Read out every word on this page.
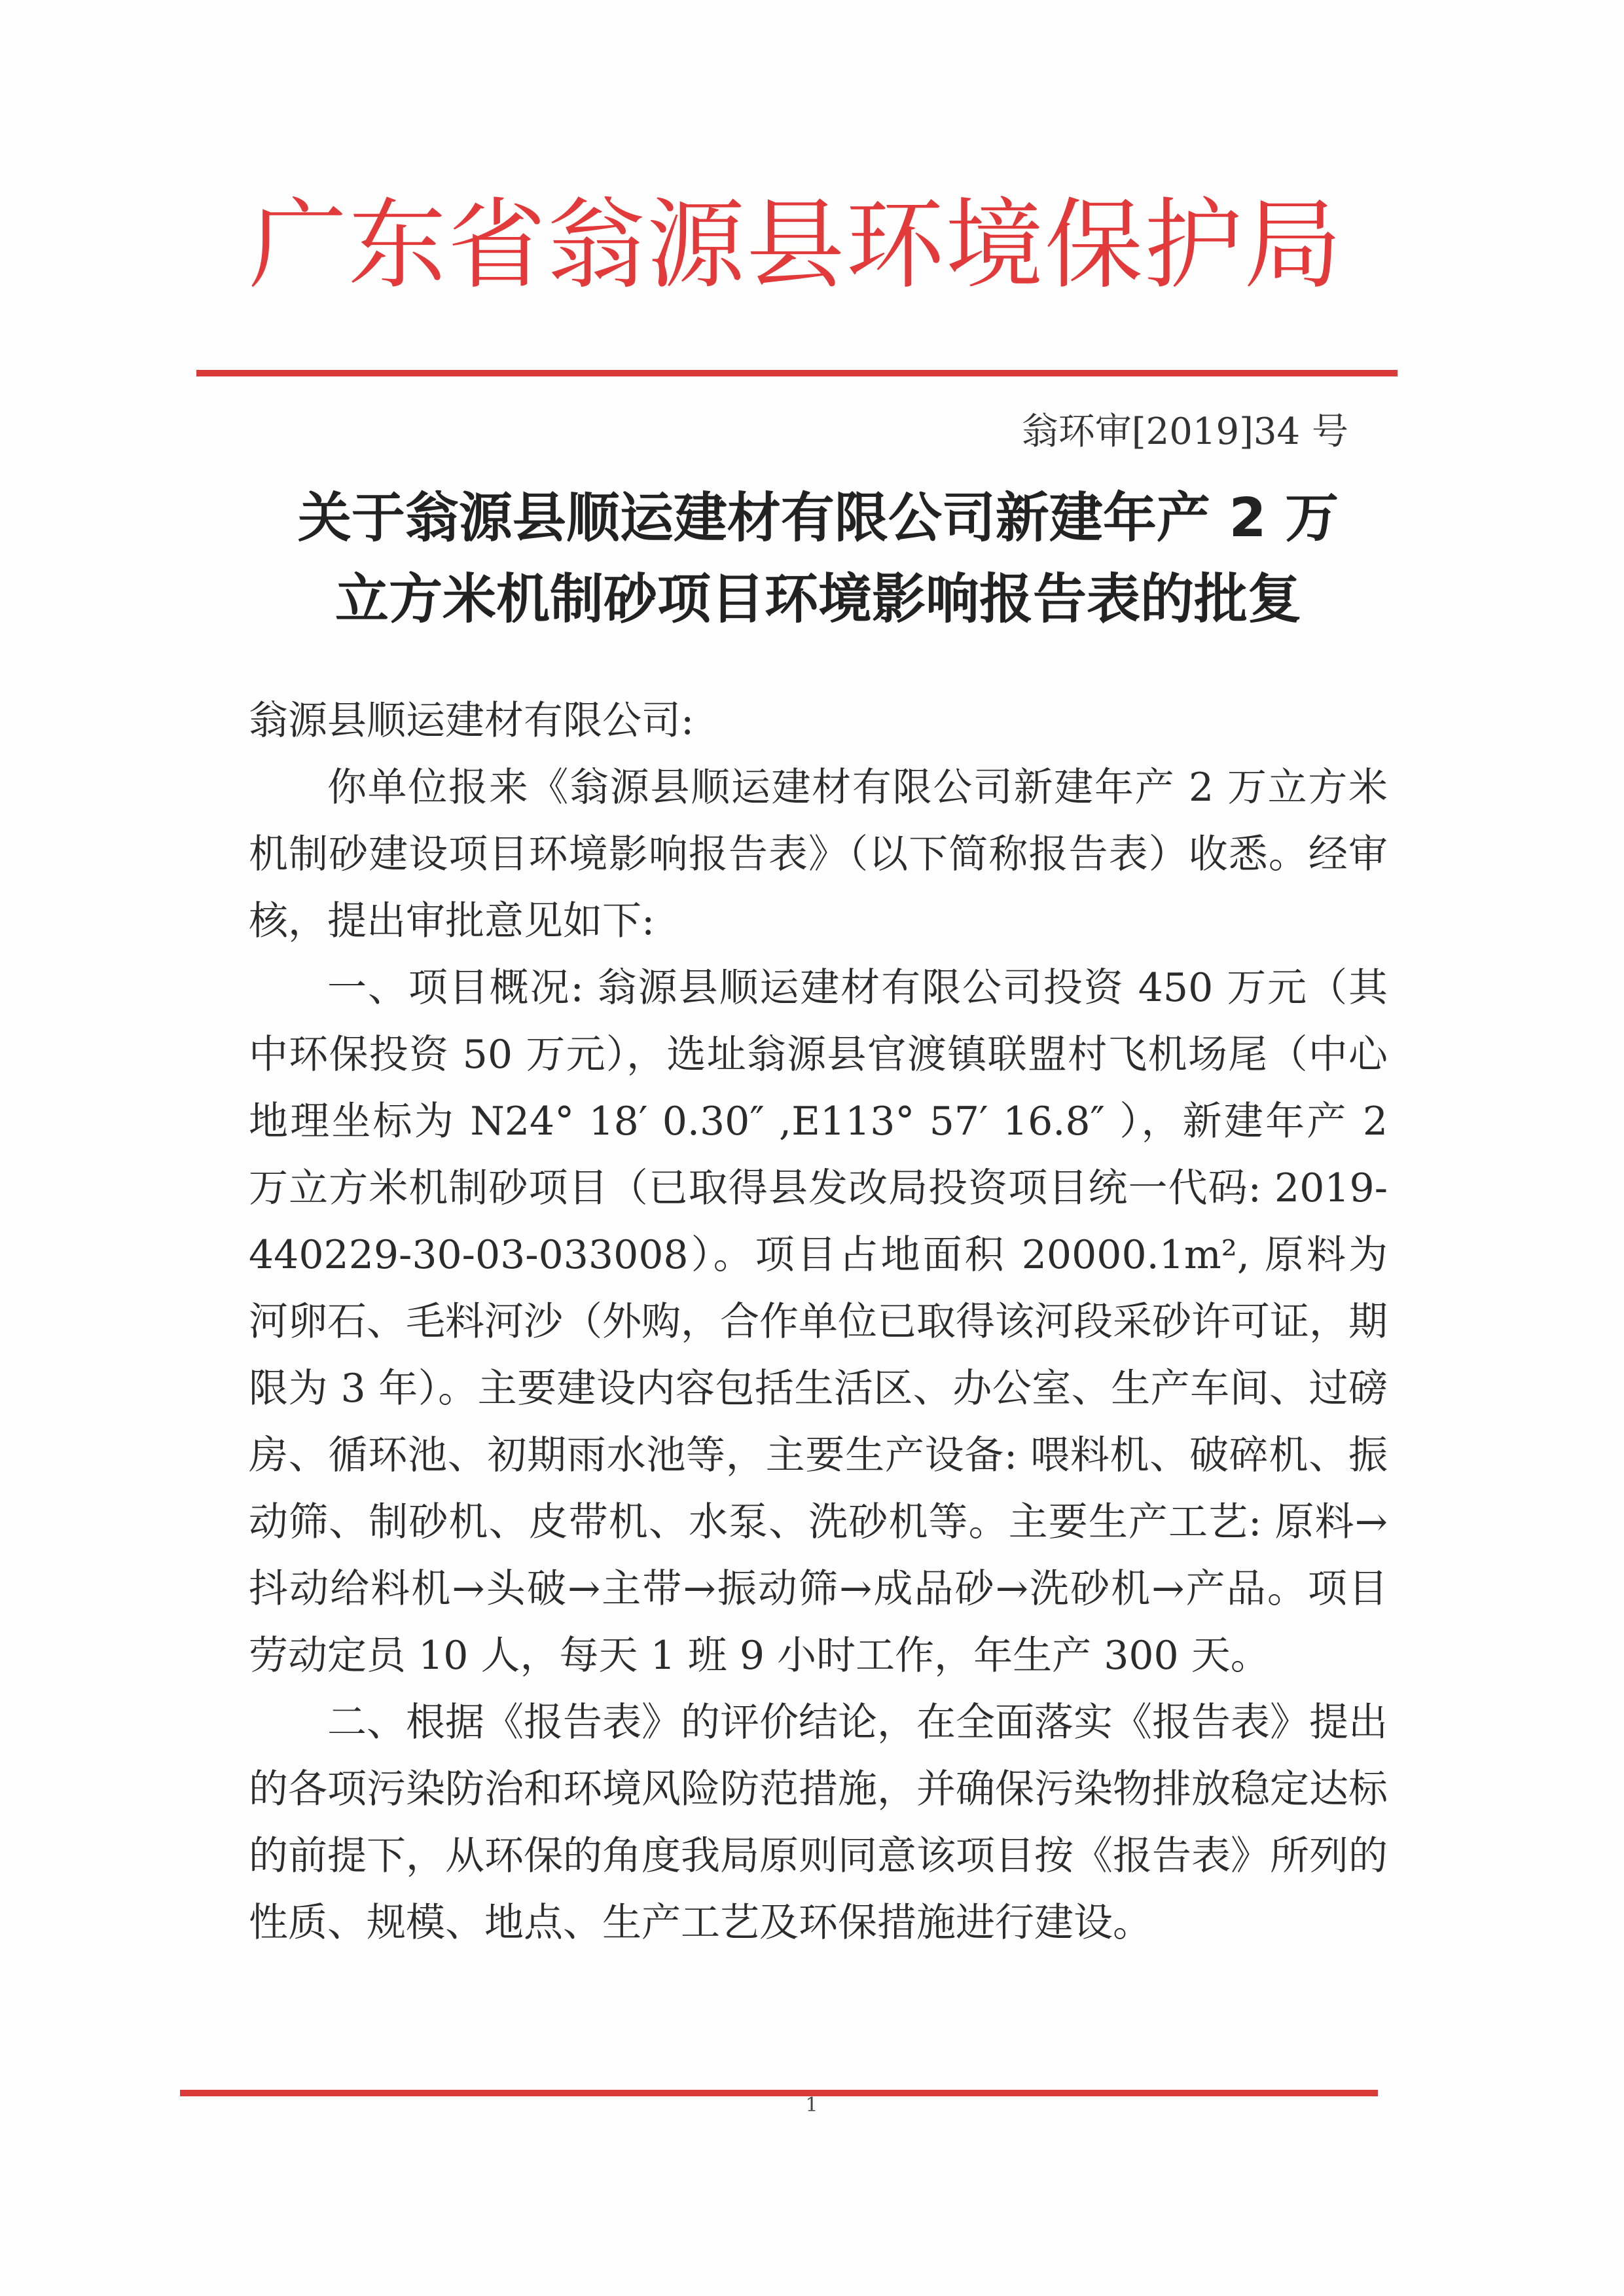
广东省翁源县环境保护局
翁环审[2019]34 号
关于翁源县顺运建材有限公司新建年产 2 万
立方米机制砂项目环境影响报告表的批复

翁源县顺运建材有限公司:

你单位报来《翁源县顺运建材有限公司新建年产 2 万立方米机制砂建设项目环境影响报告表》（以下简称报告表）收悉。经审核，提出审批意见如下:

一、项目概况: 翁源县顺运建材有限公司投资 450 万元（其中环保投资 50 万元），选址翁源县官渡镇联盟村飞机场尾（中心地理坐标为 N24° 18′ 0.30″ ,E113° 57′ 16.8″ ），新建年产 2 万立方米机制砂项目（已取得县发改局投资项目统一代码: 2019-440229-30-03-033008）。项目占地面积 20000.1m², 原料为河卵石、毛料河沙（外购，合作单位已取得该河段采砂许可证，期限为 3 年）。主要建设内容包括生活区、办公室、生产车间、过磅房、循环池、初期雨水池等，主要生产设备: 喂料机、破碎机、振动筛、制砂机、皮带机、水泵、洗砂机等。主要生产工艺: 原料→抖动给料机→头破→主带→振动筛→成品砂→洗砂机→产品。项目劳动定员 10 人，每天 1 班 9 小时工作，年生产 300 天。

二、根据《报告表》的评价结论，在全面落实《报告表》提出的各项污染防治和环境风险防范措施，并确保污染物排放稳定达标的前提下，从环保的角度我局原则同意该项目按《报告表》所列的性质、规模、地点、生产工艺及环保措施进行建设。

1
